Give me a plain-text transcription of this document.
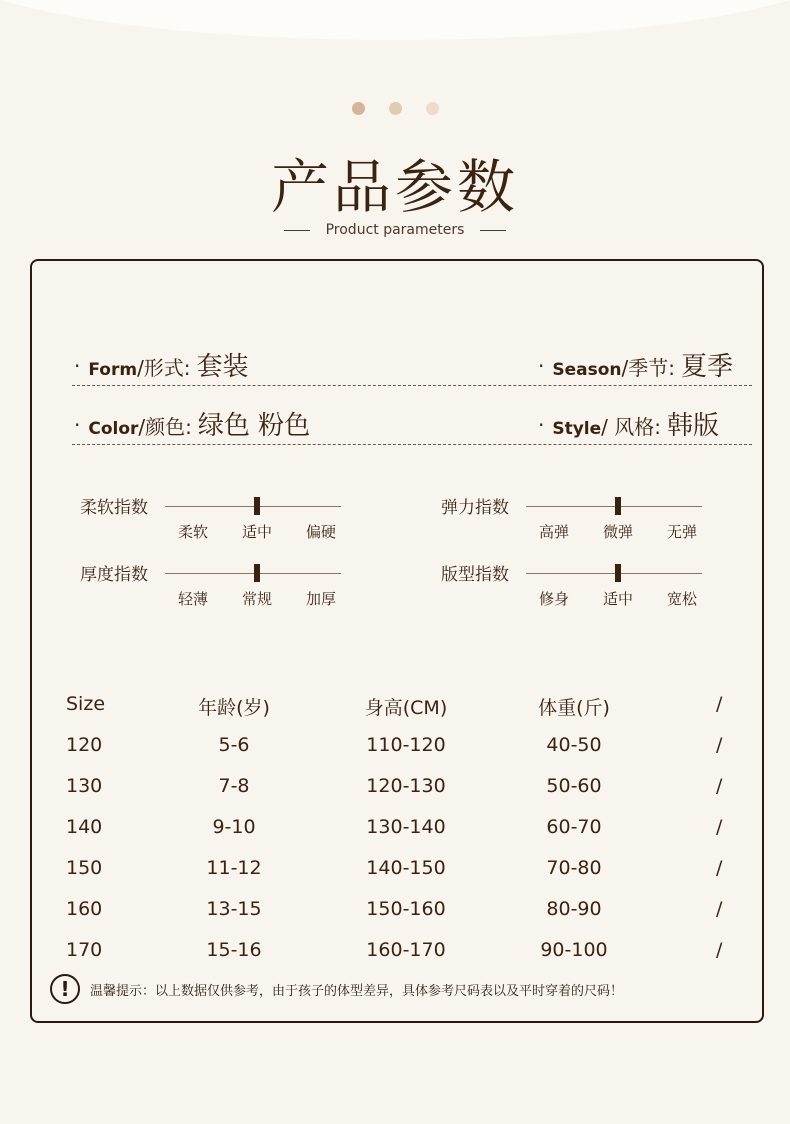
产品参数
Product parameters
· Form /形式: 套装	· Season /季节: 夏季
· Color /颜色: 绿色 粉色	· Style / 风格: 韩版
柔软指数
柔软	适中	偏硬
弹力指数
高弹	微弹	无弹
厚度指数
轻薄	常规	加厚
版型指数
修身	适中	宽松
Size	年龄(岁)	身高(CM)	体重(斤)	/
120	5-6	110-120	40-50	/
130	7-8	120-130	50-60	/
140	9-10	130-140	60-70	/
150	11-12	140-150	70-80	/
160	13-15	150-160	80-90	/
170	15-16	160-170	90-100	/
!	温馨提示：以上数据仅供参考，由于孩子的体型差异，具体参考尺码表以及平时穿着的尺码！
